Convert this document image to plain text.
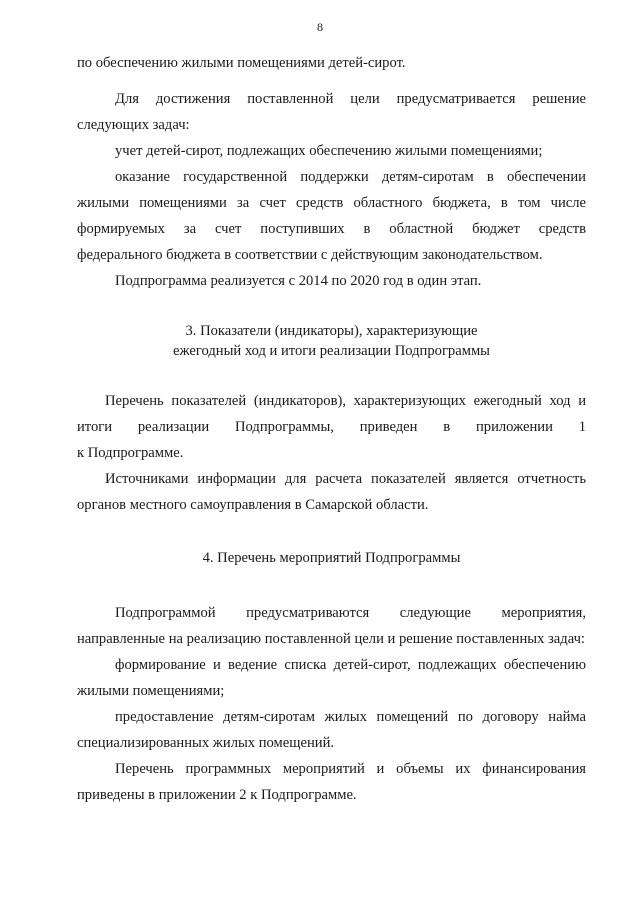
8

по обеспечению жилыми помещениями детей-сирот.

Для достижения поставленной цели предусматривается решение следующих задач:

учет детей-сирот, подлежащих обеспечению жилыми помещениями;

оказание государственной поддержки детям-сиротам в обеспечении жилыми помещениями за счет средств областного бюджета, в том числе формируемых за счет поступивших в областной бюджет средств

федерального бюджета в соответствии с действующим законодательством.

Подпрограмма реализуется с 2014 по 2020 год в один этап.

3. Показатели (индикаторы), характеризующие
ежегодный ход и итоги реализации Подпрограммы

Перечень показателей (индикаторов), характеризующих ежегодный ход и итоги реализации Подпрограммы, приведен в приложении 1

к Подпрограмме.

Источниками информации для расчета показателей является отчетность органов местного самоуправления в Самарской области.

4. Перечень мероприятий Подпрограммы

Подпрограммой предусматриваются следующие мероприятия, направленные на реализацию поставленной цели и решение поставленных задач:

формирование и ведение списка детей-сирот, подлежащих обеспечению жилыми помещениями;

предоставление детям-сиротам жилых помещений по договору найма специализированных жилых помещений.

Перечень программных мероприятий и объемы их финансирования приведены в приложении 2 к Подпрограмме.
